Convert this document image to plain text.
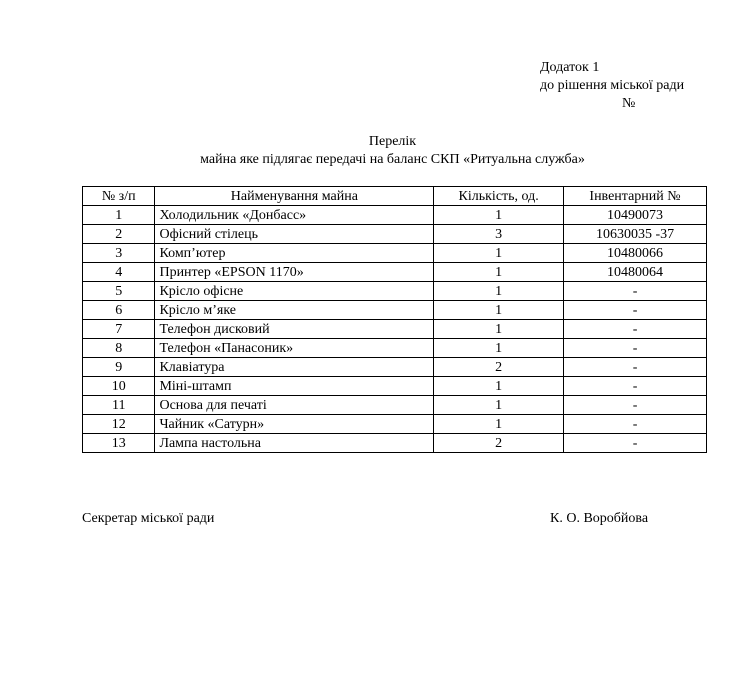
Додаток 1
до рішення міської ради
№
Перелік
майна яке підлягає передачі на баланс СКП «Ритуальна служба»
№ з/п	Найменування майна	Кількість, од.	Інвентарний №
1	Холодильник «Донбасс»	1	10490073
2	Офісний стілець	3	10630035 -37
3	Комп’ютер	1	10480066
4	Принтер «EPSON 1170»	1	10480064
5	Крісло офісне	1	-
6	Крісло м’яке	1	-
7	Телефон дисковий	1	-
8	Телефон «Панасоник»	1	-
9	Клавіатура	2	-
10	Міні-штамп	1	-
11	Основа для печаті	1	-
12	Чайник «Сатурн»	1	-
13	Лампа настольна	2	-
Секретар міської ради	К. О. Воробйова
